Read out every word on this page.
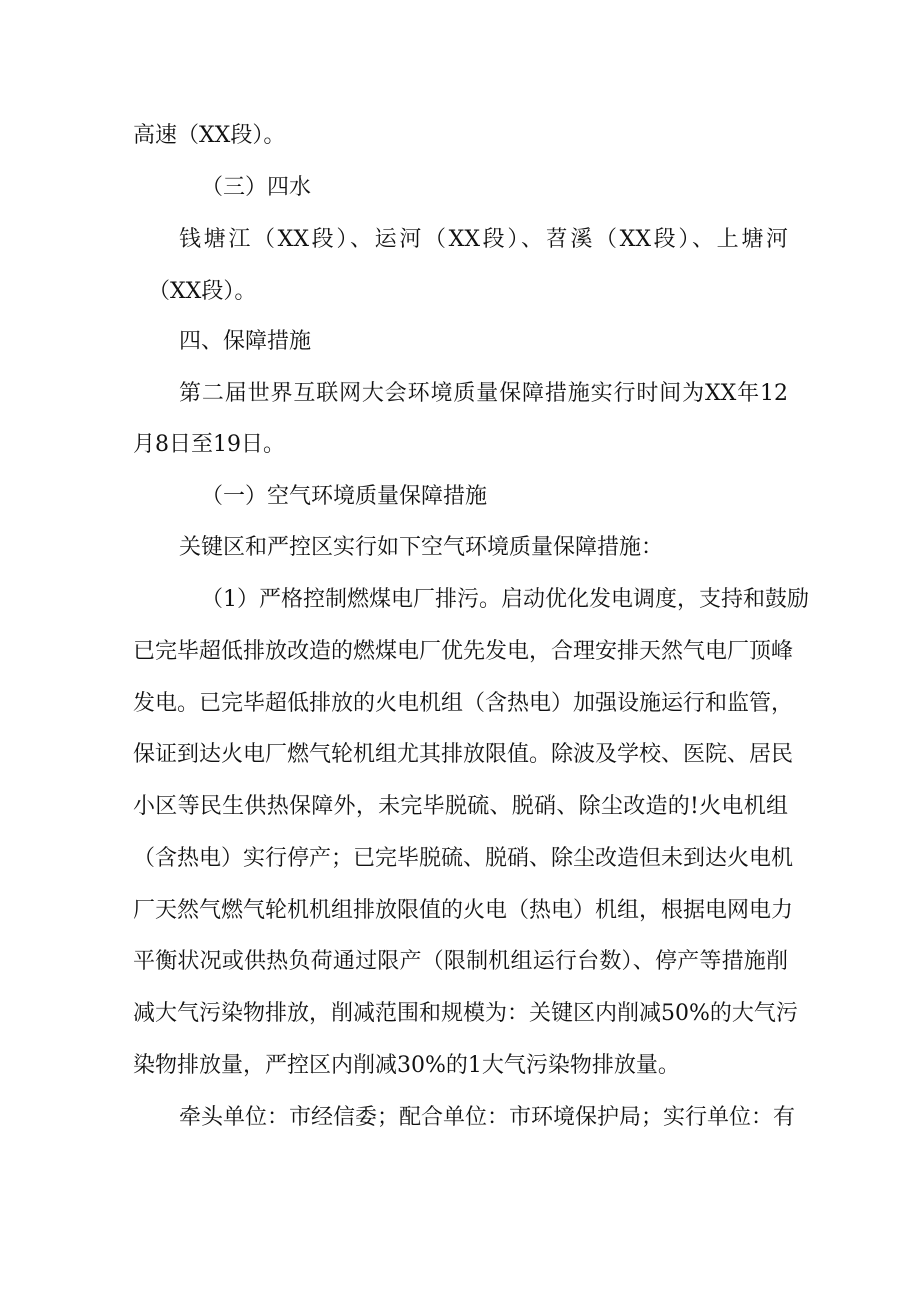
高速（XX段）。
（三）四水
钱塘江（XX段）、运河（XX段）、苕溪（XX段）、上塘河
（XX段）。
四、保障措施
第二届世界互联网大会环境质量保障措施实行时间为XX年12
月8日至19日。
（一）空气环境质量保障措施
关键区和严控区实行如下空气环境质量保障措施：
（1）严格控制燃煤电厂排污。启动优化发电调度，支持和鼓励
已完毕超低排放改造的燃煤电厂优先发电，合理安排天然气电厂顶峰
发电。已完毕超低排放的火电机组（含热电）加强设施运行和监管，
保证到达火电厂燃气轮机组尤其排放限值。除波及学校、医院、居民
小区等民生供热保障外，未完毕脱硫、脱硝、除尘改造的!火电机组
（含热电）实行停产；已完毕脱硫、脱硝、除尘改造但未到达火电机
厂天然气燃气轮机机组排放限值的火电（热电）机组，根据电网电力
平衡状况或供热负荷通过限产（限制机组运行台数）、停产等措施削
减大气污染物排放，削减范围和规模为：关键区内削减50%的大气污
染物排放量，严控区内削减30%的1大气污染物排放量。
牵头单位：市经信委；配合单位：市环境保护局；实行单位：有
